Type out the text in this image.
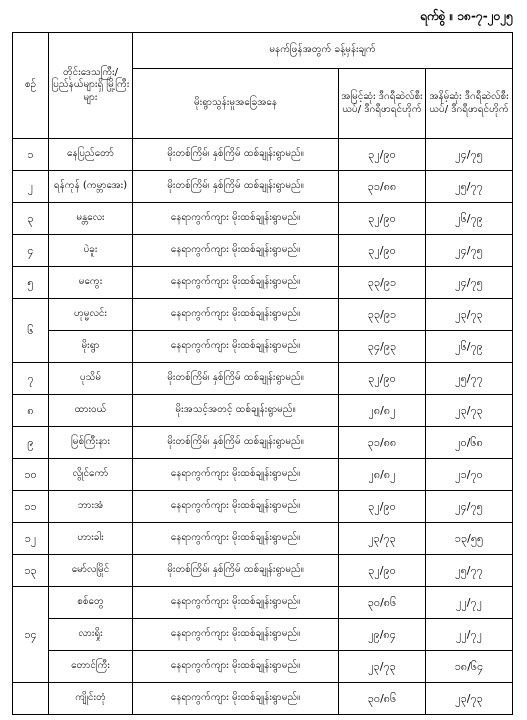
ရက်စွဲ ။ ၁၈-၇-၂၀၂၅
စဉ်	တိုင်းဒေသကြီး/ ပြည်နယ်များရှိ မြို့ကြီးများ	မနက်ဖြန်အတွက် ခန့်မှန်းချက်		
		မိုးရွာသွန်းမှုအခြေအနေ	အမြင့်ဆုံး ဒီဂရီဆဲလ်စီးယပ်/ ဒီဂရီဖာရင်ဟိုက်	အနိမ့်ဆုံး ဒီဂရီဆဲလ်စီးယပ်/ ဒီဂရီဖာရင်ဟိုက်
၁	နေပြည်တော်	မိုးတစ်ကြိမ်၊ နှစ်ကြိမ် ထစ်ချုန်းရွာမည်။	၃၂/၉၀	၂၄/၇၅
၂	ရန်ကုန် (ကမ္ဘာအေး)	မိုးတစ်ကြိမ်၊ နှစ်ကြိမ် ထစ်ချုန်းရွာမည်။	၃၁/၈၈	၂၅/၇၇
၃	မန္တလေး	နေရာကွက်ကျား မိုးထစ်ချုန်းရွာမည်။	၃၂/၉၀	၂၆/၇၉
၄	ပဲခူး	နေရာကွက်ကျား မိုးထစ်ချုန်းရွာမည်။	၃၂/၉၀	၂၄/၇၅
၅	မကွေး	နေရာကွက်ကျား မိုးထစ်ချုန်းရွာမည်။	၃၃/၉၁	၂၄/၇၅
၆	ဟုမ္မလင်း	နေရာကွက်ကျား မိုးထစ်ချုန်းရွာမည်။	၃၃/၉၁	၂၃/၇၃
	မိုးရွာ	နေရာကွက်ကျား မိုးထစ်ချုန်းရွာမည်။	၃၄/၉၃	၂၆/၇၉
၇	ပုသိမ်	မိုးတစ်ကြိမ်၊ နှစ်ကြိမ် ထစ်ချုန်းရွာမည်။	၃၂/၉၀	၂၅/၇၇
၈	ထားဝယ်	မိုးအသင့်အတင့် ထစ်ချုန်းရွာမည်။	၂၈/၈၂	၂၃/၇၃
၉	မြစ်ကြီးနား	မိုးတစ်ကြိမ်၊ နှစ်ကြိမ် ထစ်ချုန်းရွာမည်။	၃၁/၈၈	၂၀/၆၈
၁၀	လွိုင်ကော်	နေရာကွက်ကျား မိုးထစ်ချုန်းရွာမည်။	၂၈/၈၂	၂၁/၇၀
၁၁	ဘားအံ	နေရာကွက်ကျား မိုးထစ်ချုန်းရွာမည်။	၃၂/၉၀	၂၄/၇၅
၁၂	ဟားခါး	နေရာကွက်ကျား မိုးထစ်ချုန်းရွာမည်။	၂၃/၇၃	၁၃/၅၅
၁၃	မော်လမြိုင်	မိုးတစ်ကြိမ်၊ နှစ်ကြိမ် ထစ်ချုန်းရွာမည်။	၃၂/၉၀	၂၅/၇၇
၁၄	စစ်တွေ	နေရာကွက်ကျား မိုးထစ်ချုန်းရွာမည်။	၃၀/၈၆	၂၂/၇၂
	လားရှိုး	နေရာကွက်ကျား မိုးထစ်ချုန်းရွာမည်။	၂၉/၈၄	၂၂/၇၂
	တောင်ကြီး	နေရာကွက်ကျား မိုးထစ်ချုန်းရွာမည်။	၂၃/၇၃	၁၈/၆၄
	ကျိုင်းတုံ	နေရာကွက်ကျား မိုးထစ်ချုန်းရွာမည်။	၃၀/၈၆	၂၃/၇၃
